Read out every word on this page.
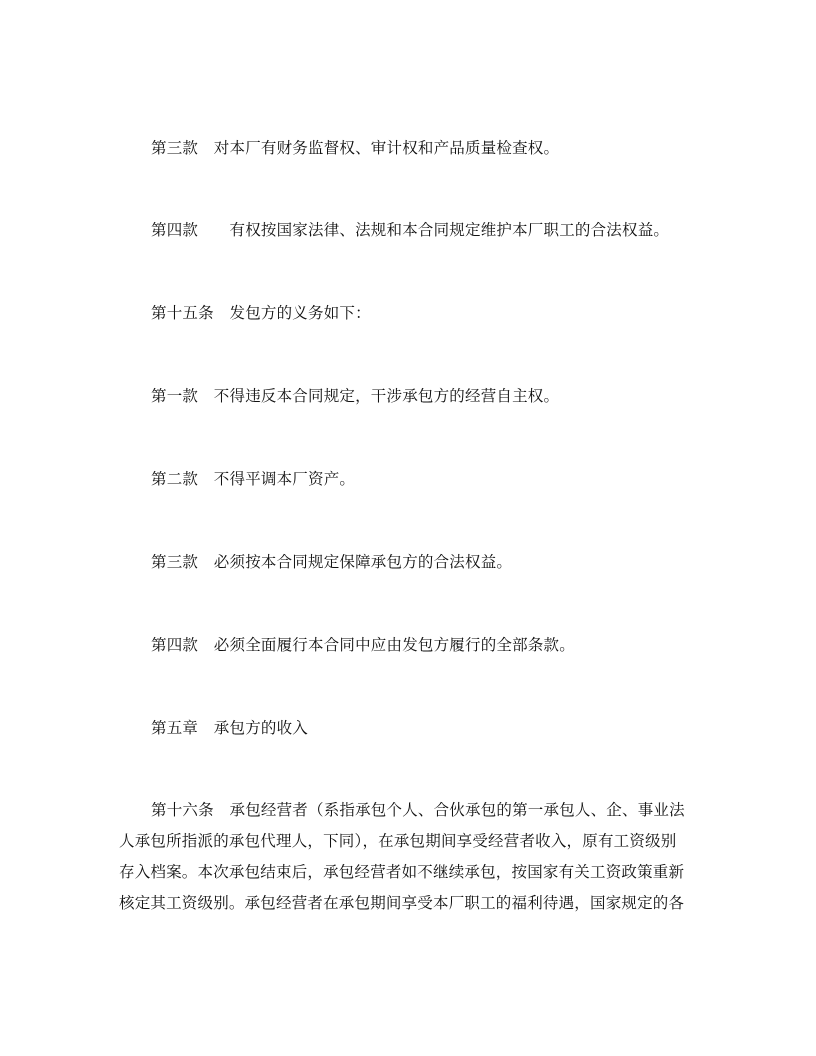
第三款　对本厂有财务监督权、审计权和产品质量检查权。
第四款　　有权按国家法律、法规和本合同规定维护本厂职工的合法权益。
第十五条　发包方的义务如下：
第一款　不得违反本合同规定，干涉承包方的经营自主权。
第二款　不得平调本厂资产。
第三款　必须按本合同规定保障承包方的合法权益。
第四款　必须全面履行本合同中应由发包方履行的全部条款。
第五章　承包方的收入
第十六条　承包经营者（系指承包个人、合伙承包的第一承包人、企、事业法
人承包所指派的承包代理人，下同），在承包期间享受经营者收入，原有工资级别
存入档案。本次承包结束后，承包经营者如不继续承包，按国家有关工资政策重新
核定其工资级别。承包经营者在承包期间享受本厂职工的福利待遇，国家规定的各
